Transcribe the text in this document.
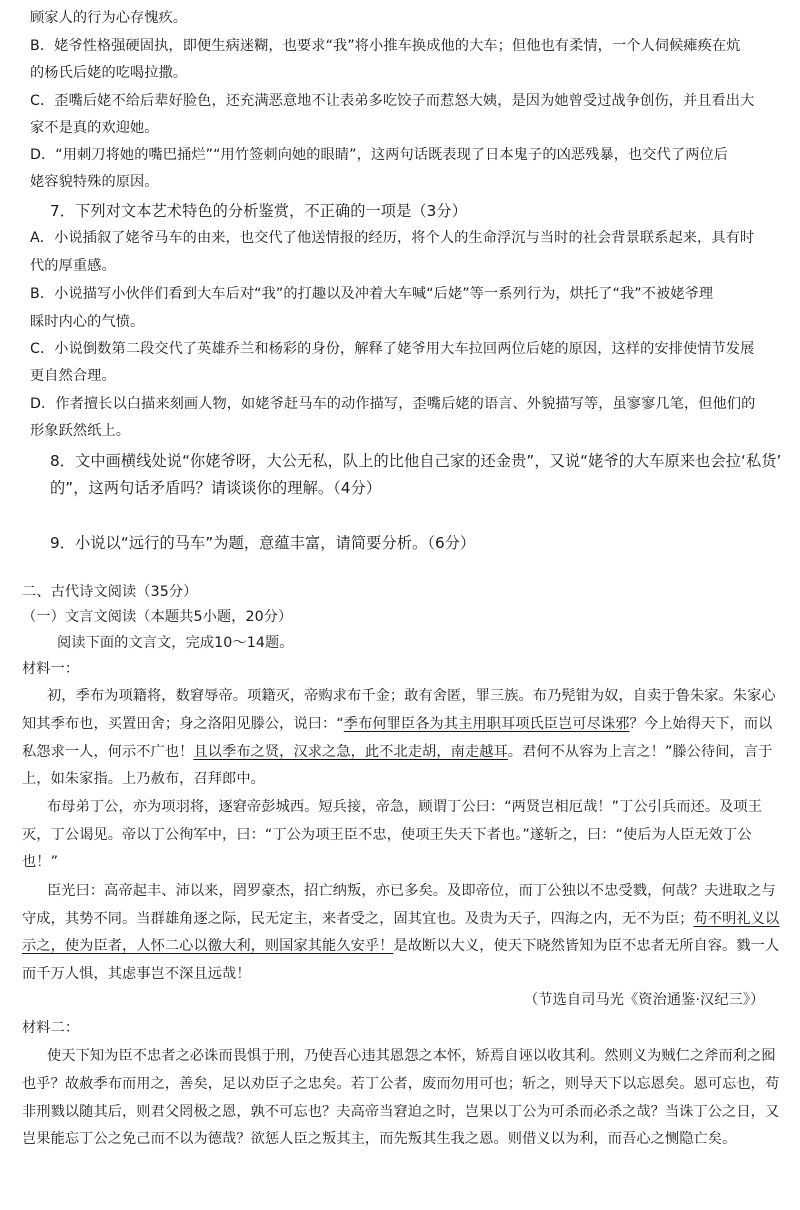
顾家人的行为心存愧疚。
B．姥爷性格强硬固执，即便生病迷糊，也要求“我”将小推车换成他的大车；但他也有柔情，一个人伺候瘫痪在炕
的杨氏后姥的吃喝拉撒。
C．歪嘴后姥不给后辈好脸色，还充满恶意地不让表弟多吃饺子而惹怒大姨，是因为她曾受过战争创伤，并且看出大
家不是真的欢迎她。
D．“用刺刀将她的嘴巴捅烂”“用竹签刺向她的眼睛”，这两句话既表现了日本鬼子的凶恶残暴，也交代了两位后
姥容貌特殊的原因。
7．下列对文本艺术特色的分析鉴赏，不正确的一项是（3分）
A．小说插叙了姥爷马车的由来，也交代了他送情报的经历，将个人的生命浮沉与当时的社会背景联系起来，具有时
代的厚重感。
B．小说描写小伙伴们看到大车后对“我”的打趣以及冲着大车喊“后姥”等一系列行为，烘托了“我”不被姥爷理
睬时内心的气愤。
C．小说倒数第二段交代了英雄乔兰和杨彩的身份，解释了姥爷用大车拉回两位后姥的原因，这样的安排使情节发展
更自然合理。
D．作者擅长以白描来刻画人物，如姥爷赶马车的动作描写，歪嘴后姥的语言、外貌描写等，虽寥寥几笔，但他们的
形象跃然纸上。
8．文中画横线处说“你姥爷呀，大公无私，队上的比他自己家的还金贵”，又说“姥爷的大车原来也会拉‘私货’
的”，这两句话矛盾吗？请谈谈你的理解。（4分）
9．小说以“远行的马车”为题，意蕴丰富，请简要分析。（6分）
二、古代诗文阅读（35分）
（一）文言文阅读（本题共5小题，20分）
阅读下面的文言文，完成10～14题。
材料一：
初，季布为项籍将，数窘辱帝。项籍灭，帝购求布千金；敢有舍匿，罪三族。布乃髡钳为奴，自卖于鲁朱家。朱家心
知其季布也，买置田舍；身之洛阳见滕公，说曰：“季布何罪臣各为其主用职耳项氏臣岂可尽诛邪？今上始得天下，而以
私怨求一人，何示不广也！且以季布之贤，汉求之急，此不北走胡，南走越耳。君何不从容为上言之！”滕公待间，言于
上，如朱家指。上乃赦布，召拜郎中。
布母弟丁公，亦为项羽将，逐窘帝彭城西。短兵接，帝急，顾谓丁公曰：“两贤岂相厄哉！”丁公引兵而还。及项王
灭，丁公谒见。帝以丁公徇军中，曰：“丁公为项王臣不忠，使项王失天下者也。”遂斩之，曰：“使后为人臣无效丁公
也！”
臣光曰：高帝起丰、沛以来，罔罗豪杰，招亡纳叛，亦已多矣。及即帝位，而丁公独以不忠受戮，何哉？夫进取之与
守成，其势不同。当群雄角逐之际，民无定主，来者受之，固其宜也。及贵为天子，四海之内，无不为臣；苟不明礼义以
示之，使为臣者，人怀二心以徼大利，则国家其能久安乎！是故断以大义，使天下晓然皆知为臣不忠者无所自容。戮一人
而千万人惧，其虑事岂不深且远哉！
（节选自司马光《资治通鉴·汉纪三》）
材料二：
使天下知为臣不忠者之必诛而畏惧于刑，乃使吾心违其恩怨之本怀，矫焉自诬以收其利。然则义为贼仁之斧而利之囮
也乎？故赦季布而用之，善矣，足以劝臣子之忠矣。若丁公者，废而勿用可也；斩之，则导天下以忘恩矣。恩可忘也，苟
非刑戮以随其后，则君父罔极之恩，孰不可忘也？夫高帝当窘迫之时，岂果以丁公为可杀而必杀之哉？当诛丁公之日，又
岂果能忘丁公之免己而不以为德哉？欲惩人臣之叛其主，而先叛其生我之恩。则借义以为利，而吾心之恻隐亡矣。
